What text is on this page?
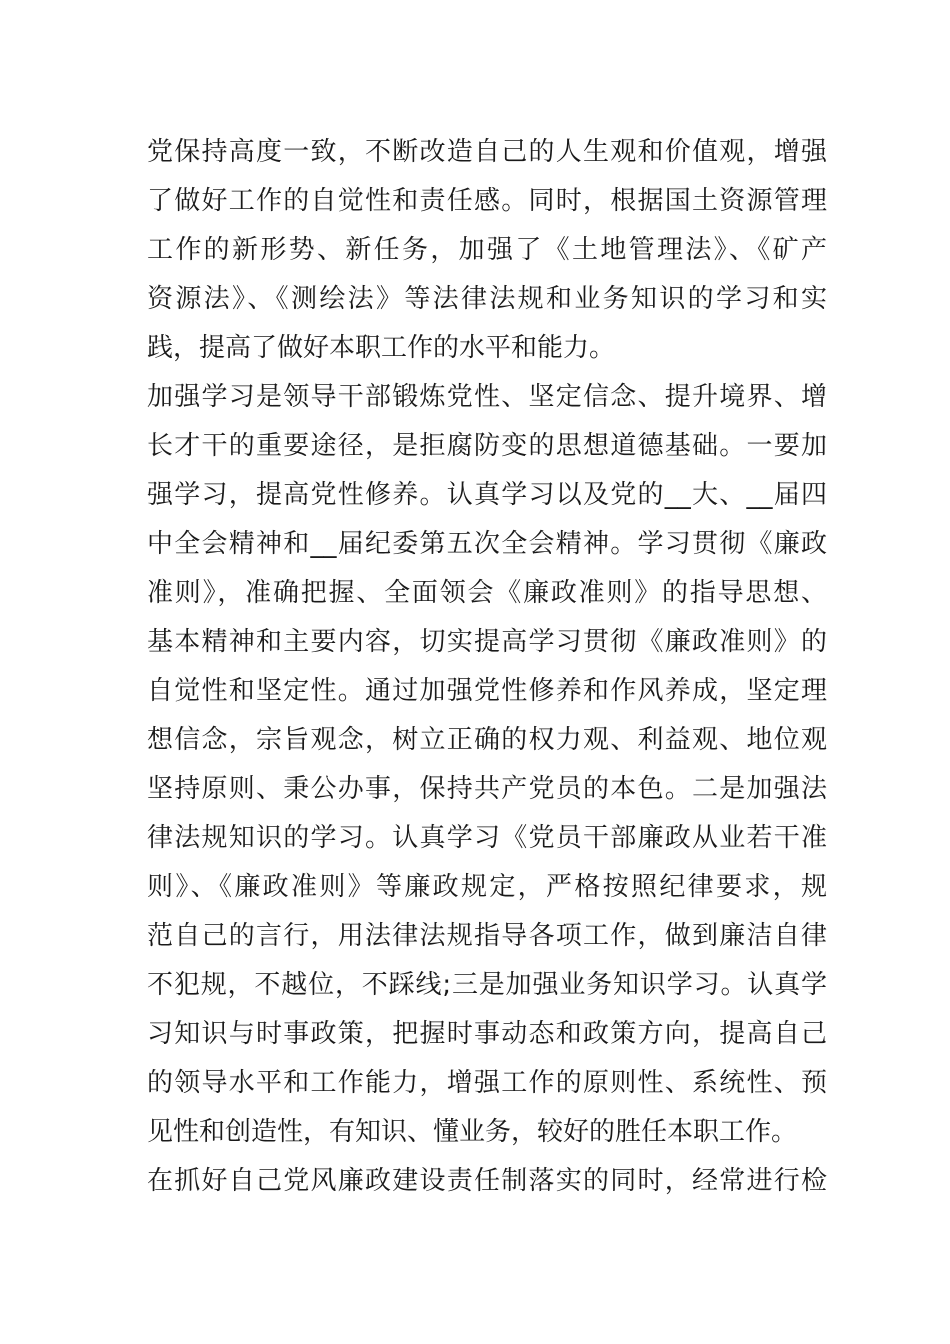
党保持高度一致，不断改造自己的人生观和价值观，增强
了做好工作的自觉性和责任感。同时，根据国土资源管理
工作的新形势、新任务，加强了《土地管理法》、《矿产
资源法》、《测绘法》等法律法规和业务知识的学习和实
践，提高了做好本职工作的水平和能力。
加强学习是领导干部锻炼党性、坚定信念、提升境界、增
长才干的重要途径，是拒腐防变的思想道德基础。一要加
强学习，提高党性修养。认真学习以及党的__大、__届四
中全会精神和__届纪委第五次全会精神。学习贯彻《廉政
准则》，准确把握、全面领会《廉政准则》的指导思想、
基本精神和主要内容，切实提高学习贯彻《廉政准则》的
自觉性和坚定性。通过加强党性修养和作风养成，坚定理
想信念，宗旨观念，树立正确的权力观、利益观、地位观
坚持原则、秉公办事，保持共产党员的本色。二是加强法
律法规知识的学习。认真学习《党员干部廉政从业若干准
则》、《廉政准则》等廉政规定，严格按照纪律要求，规
范自己的言行，用法律法规指导各项工作，做到廉洁自律
不犯规，不越位，不踩线;三是加强业务知识学习。认真学
习知识与时事政策，把握时事动态和政策方向，提高自己
的领导水平和工作能力，增强工作的原则性、系统性、预
见性和创造性，有知识、懂业务，较好的胜任本职工作。
在抓好自己党风廉政建设责任制落实的同时，经常进行检
